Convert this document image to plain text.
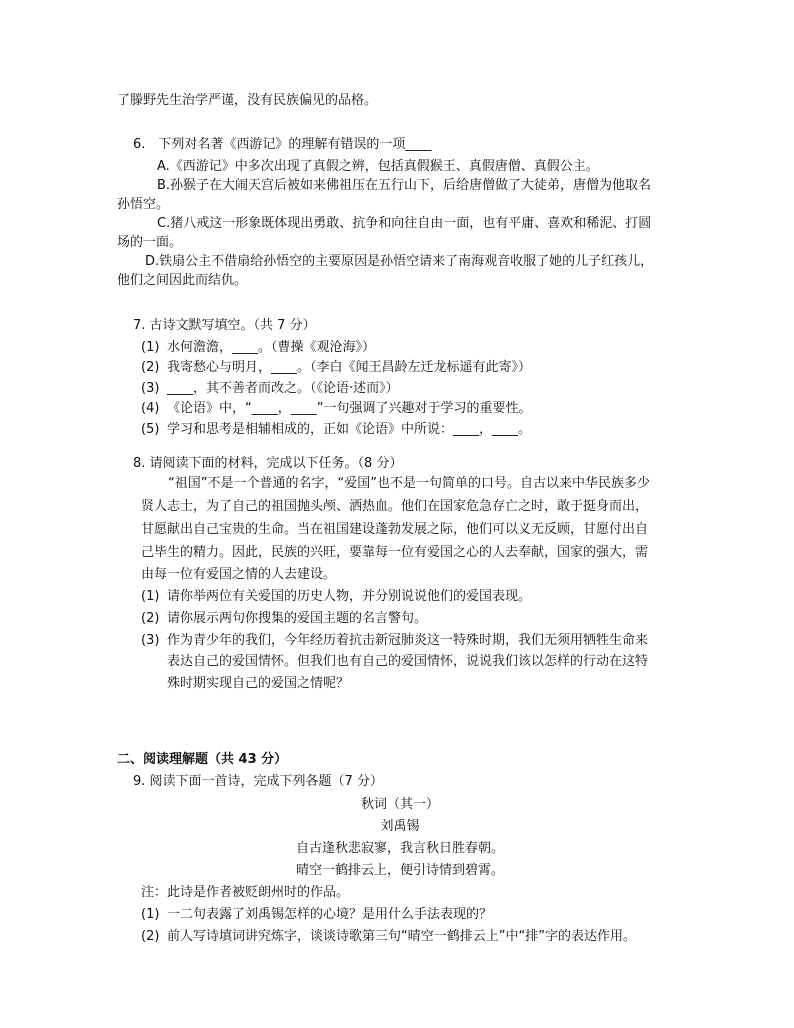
了滕野先生治学严谨，没有民族偏见的品格。
6.　下列对名著《西游记》的理解有错误的一项____
A.《西游记》中多次出现了真假之辨，包括真假猴王、真假唐僧、真假公主。
B.孙猴子在大闹天宫后被如来佛祖压在五行山下，后给唐僧做了大徒弟，唐僧为他取名
孙悟空。
C.猪八戒这一形象既体现出勇敢、抗争和向往自由一面，也有平庸、喜欢和稀泥、打圆
场的一面。
D.铁扇公主不借扇给孙悟空的主要原因是孙悟空请来了南海观音收服了她的儿子红孩儿，
他们之间因此而结仇。
7. 古诗文默写填空。（共 7 分）
(1) 水何澹澹，____。（曹操《观沧海》）
(2) 我寄愁心与明月，____。（李白《闻王昌龄左迁龙标遥有此寄》）
(3) ____，其不善者而改之。（《论语·述而》）
(4) 《论语》中，“____，____”一句强调了兴趣对于学习的重要性。
(5) 学习和思考是相辅相成的，正如《论语》中所说：____，____。
8. 请阅读下面的材料，完成以下任务。（8 分）
“祖国”不是一个普通的名字，“爱国”也不是一句简单的口号。自古以来中华民族多少
贤人志士，为了自己的祖国抛头颅、洒热血。他们在国家危急存亡之时，敢于挺身而出，
甘愿献出自己宝贵的生命。当在祖国建设蓬勃发展之际，他们可以义无反顾，甘愿付出自
己毕生的精力。因此，民族的兴旺，要靠每一位有爱国之心的人去奉献，国家的强大，需
由每一位有爱国之情的人去建设。
(1) 请你举两位有关爱国的历史人物，并分别说说他们的爱国表现。
(2) 请你展示两句你搜集的爱国主题的名言警句。
(3) 作为青少年的我们，今年经历着抗击新冠肺炎这一特殊时期，我们无须用牺牲生命来
表达自己的爱国情怀。但我们也有自己的爱国情怀，说说我们该以怎样的行动在这特
殊时期实现自己的爱国之情呢？
二、阅读理解题（共 43 分）
9. 阅读下面一首诗，完成下列各题（7 分）
秋词（其一）
刘禹锡
自古逢秋悲寂寥，我言秋日胜春朝。
晴空一鹤排云上，便引诗情到碧霄。
注：此诗是作者被贬朗州时的作品。
(1) 一二句表露了刘禹锡怎样的心境？是用什么手法表现的？
(2) 前人写诗填词讲究炼字，谈谈诗歌第三句“晴空一鹤排云上”中“排”字的表达作用。
